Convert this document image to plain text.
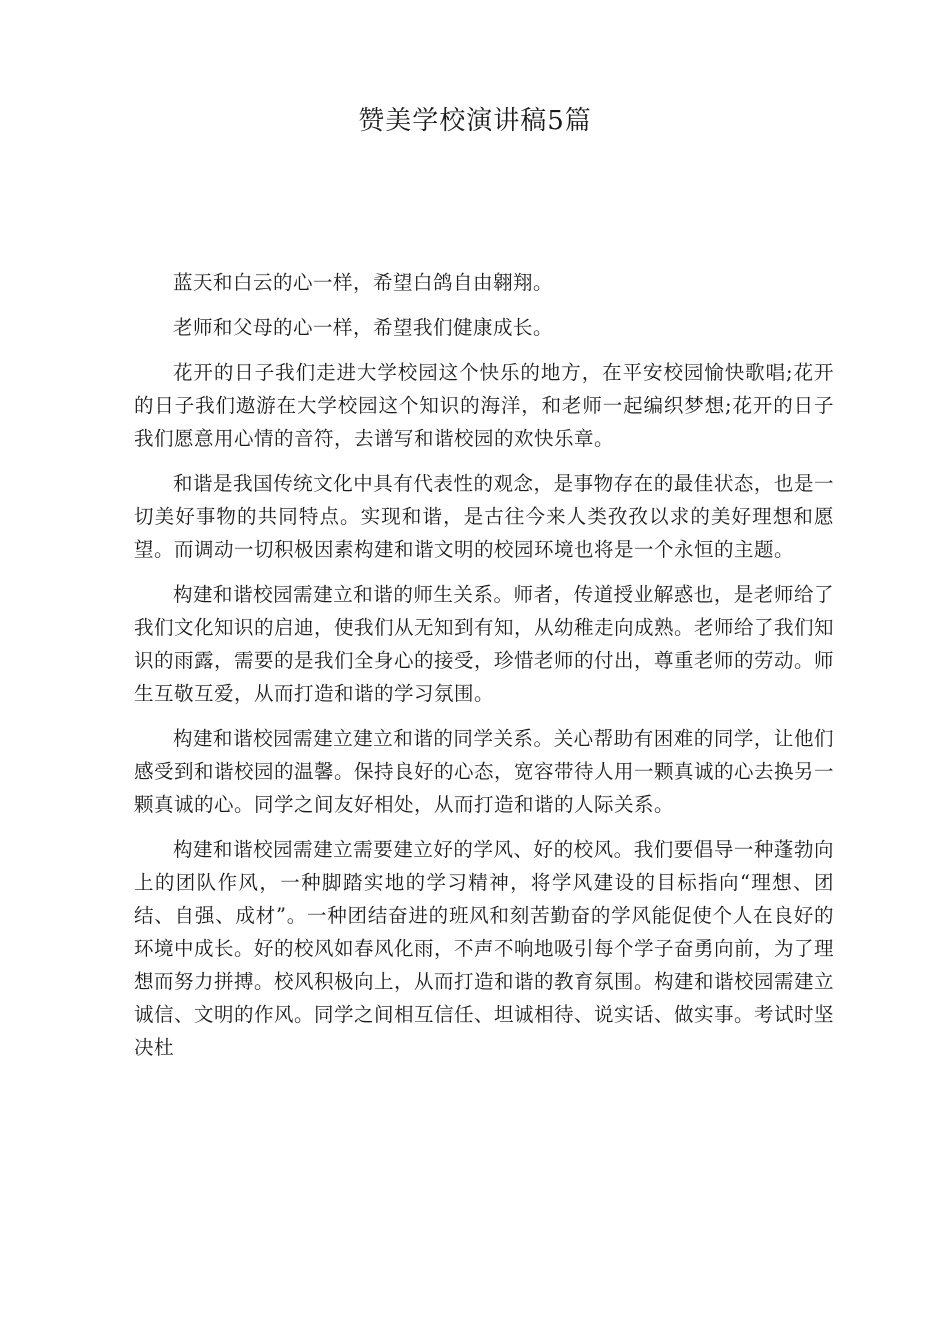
赞美学校演讲稿5篇

蓝天和白云的心一样，希望白鸽自由翱翔。

老师和父母的心一样，希望我们健康成长。

花开的日子我们走进大学校园这个快乐的地方，在平安校园愉快歌唱;花开的日子我们遨游在大学校园这个知识的海洋，和老师一起编织梦想;花开的日子我们愿意用心情的音符，去谱写和谐校园的欢快乐章。

和谐是我国传统文化中具有代表性的观念，是事物存在的最佳状态，也是一切美好事物的共同特点。实现和谐，是古往今来人类孜孜以求的美好理想和愿望。而调动一切积极因素构建和谐文明的校园环境也将是一个永恒的主题。

构建和谐校园需建立和谐的师生关系。师者，传道授业解惑也，是老师给了我们文化知识的启迪，使我们从无知到有知，从幼稚走向成熟。老师给了我们知识的雨露，需要的是我们全身心的接受，珍惜老师的付出，尊重老师的劳动。师生互敬互爱，从而打造和谐的学习氛围。

构建和谐校园需建立建立和谐的同学关系。关心帮助有困难的同学，让他们感受到和谐校园的温馨。保持良好的心态，宽容带待人用一颗真诚的心去换另一颗真诚的心。同学之间友好相处，从而打造和谐的人际关系。

构建和谐校园需建立需要建立好的学风、好的校风。我们要倡导一种蓬勃向上的团队作风，一种脚踏实地的学习精神，将学风建设的目标指向“理想、团结、自强、成材”。一种团结奋进的班风和刻苦勤奋的学风能促使个人在良好的环境中成长。好的校风如春风化雨，不声不响地吸引每个学子奋勇向前，为了理想而努力拼搏。校风积极向上，从而打造和谐的教育氛围。构建和谐校园需建立诚信、文明的作风。同学之间相互信任、坦诚相待、说实话、做实事。考试时坚决杜
